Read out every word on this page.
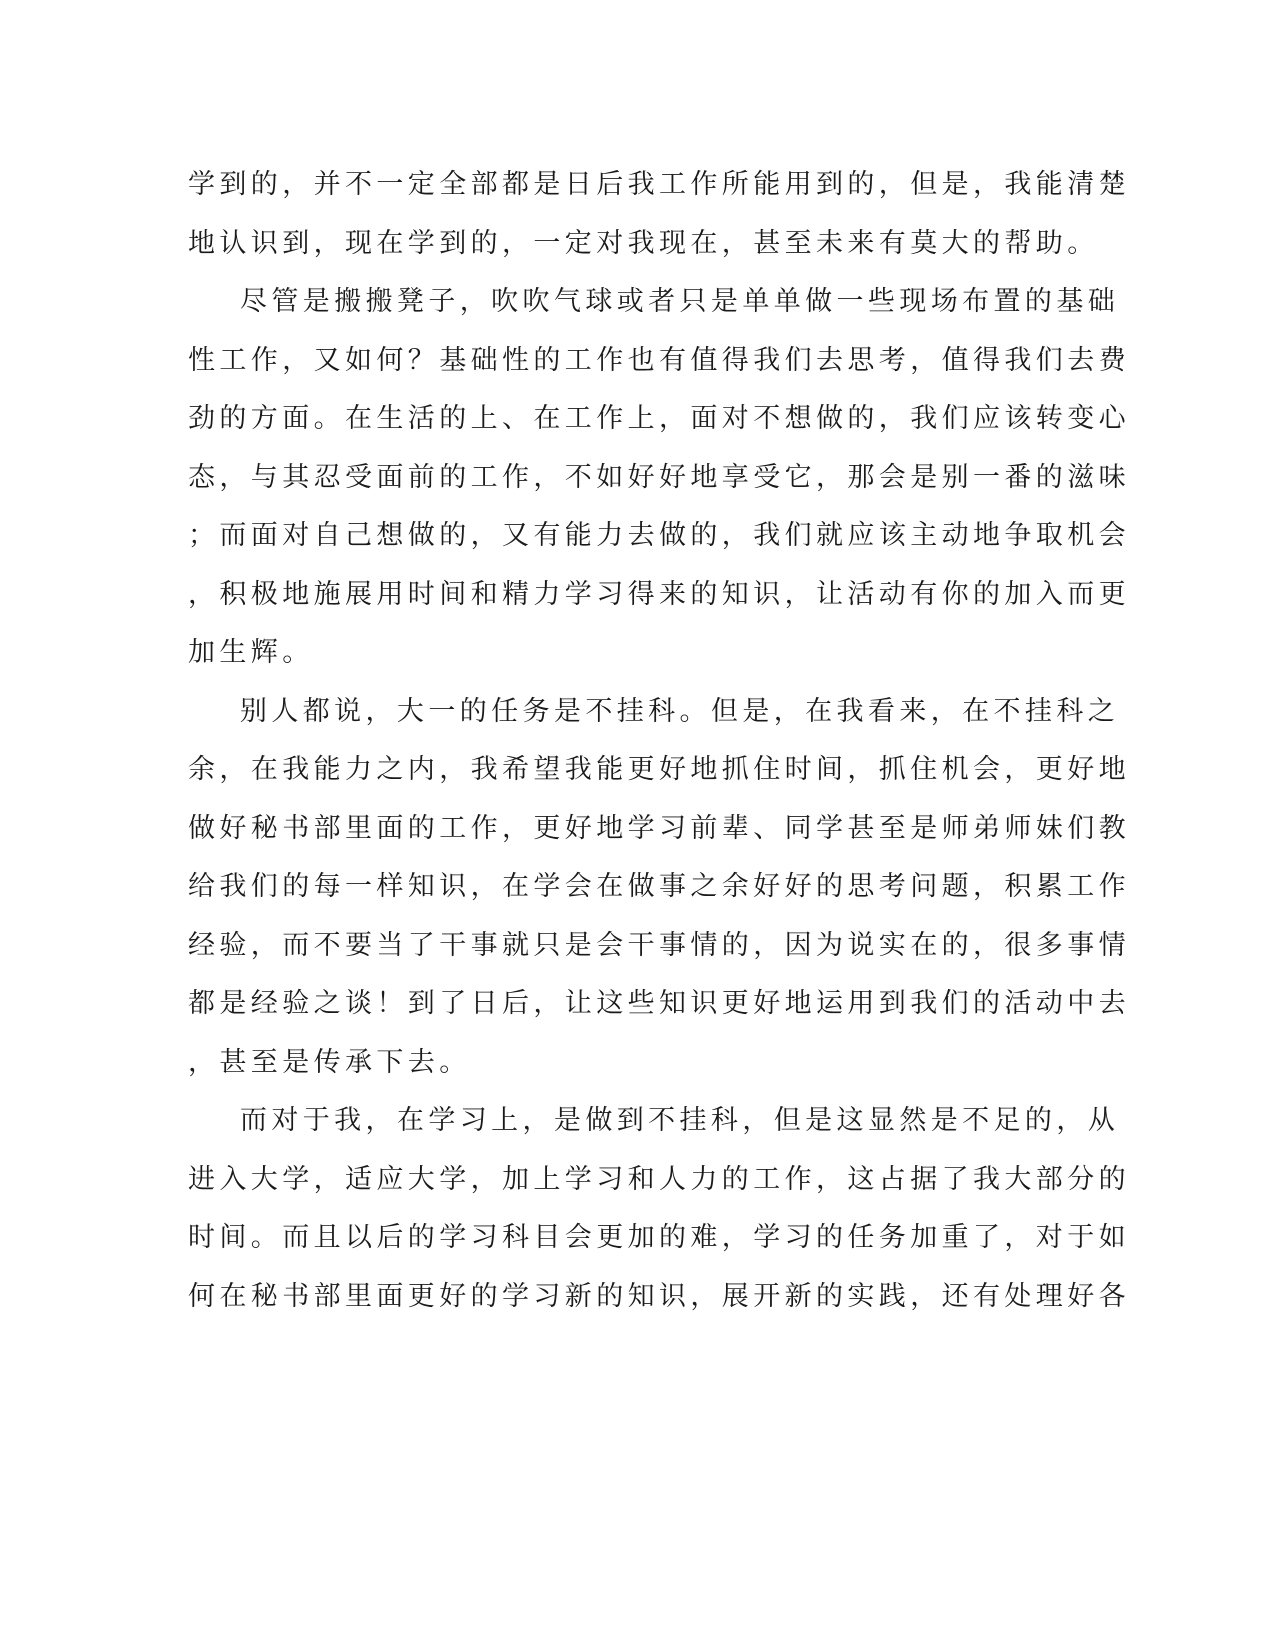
学到的，并不一定全部都是日后我工作所能用到的，但是，我能清楚
地认识到，现在学到的，一定对我现在，甚至未来有莫大的帮助。
尽管是搬搬凳子，吹吹气球或者只是单单做一些现场布置的基础
性工作，又如何？基础性的工作也有值得我们去思考，值得我们去费
劲的方面。在生活的上、在工作上，面对不想做的，我们应该转变心
态，与其忍受面前的工作，不如好好地享受它，那会是别一番的滋味
；而面对自己想做的，又有能力去做的，我们就应该主动地争取机会
，积极地施展用时间和精力学习得来的知识，让活动有你的加入而更
加生辉。
别人都说，大一的任务是不挂科。但是，在我看来，在不挂科之
余，在我能力之内，我希望我能更好地抓住时间，抓住机会，更好地
做好秘书部里面的工作，更好地学习前辈、同学甚至是师弟师妹们教
给我们的每一样知识，在学会在做事之余好好的思考问题，积累工作
经验，而不要当了干事就只是会干事情的，因为说实在的，很多事情
都是经验之谈！到了日后，让这些知识更好地运用到我们的活动中去
，甚至是传承下去。
而对于我，在学习上，是做到不挂科，但是这显然是不足的，从
进入大学，适应大学，加上学习和人力的工作，这占据了我大部分的
时间。而且以后的学习科目会更加的难，学习的任务加重了，对于如
何在秘书部里面更好的学习新的知识，展开新的实践，还有处理好各
